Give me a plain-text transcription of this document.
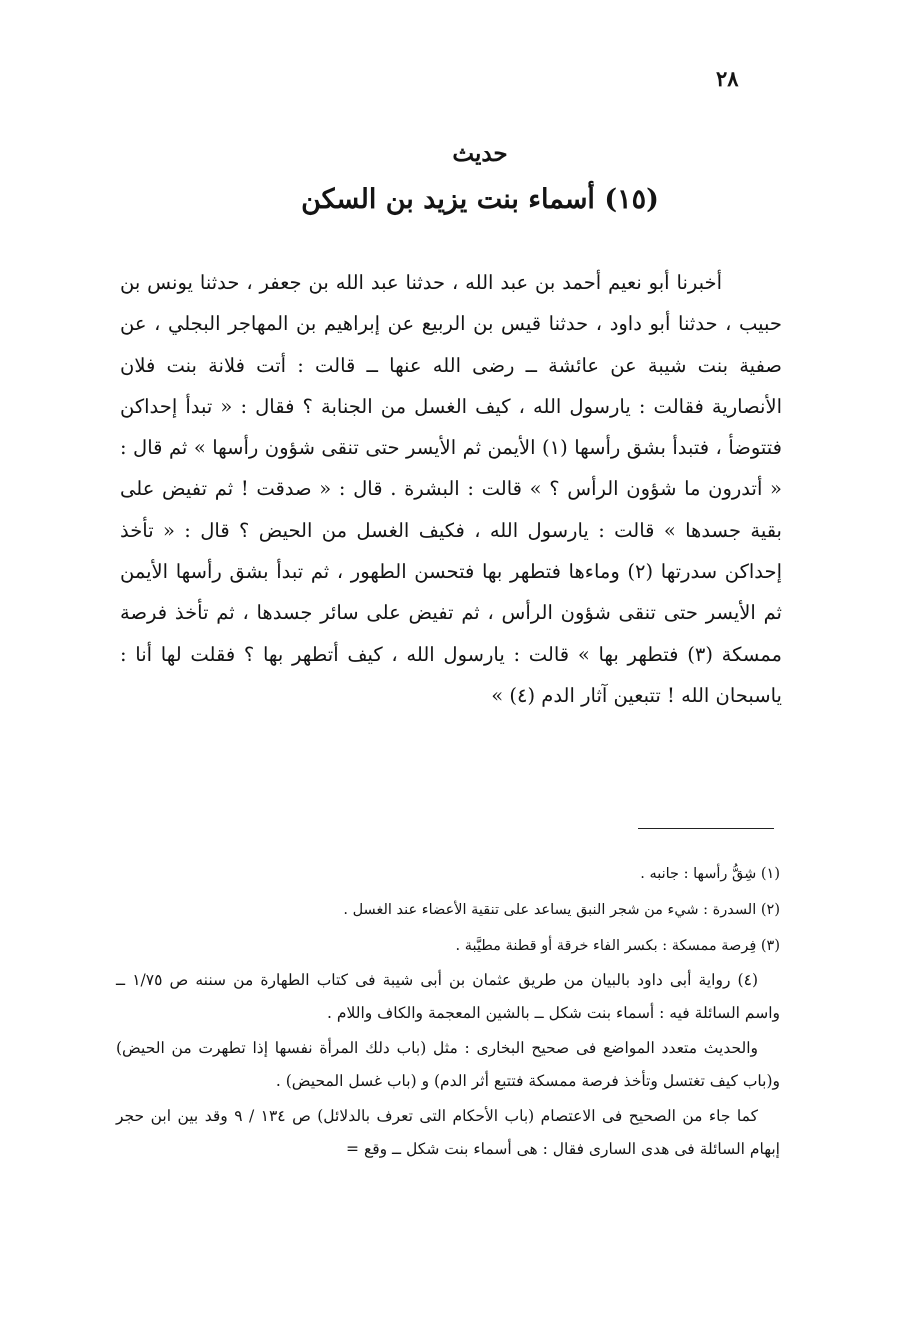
٢٨
حديث
(١٥) أسماء بنت يزيد بن السكن

أخبرنا أبو نعيم أحمد بن عبد الله ، حدثنا عبد الله بن جعفر ، حدثنا يونس بن حبيب ، حدثنا أبو داود ، حدثنا قيس بن الربيع عن إبراهيم بن المهاجر البجلي ، عن صفية بنت شيبة عن عائشة ــ رضى الله عنها ــ قالت : أتت فلانة بنت فلان الأنصارية فقالت : يارسول الله ، كيف الغسل من الجنابة ؟ فقال : « تبدأ إحداكن فتتوضأ ، فتبدأ بشق رأسها (١) الأيمن ثم الأيسر حتى تنقى شؤون رأسها » ثم قال : « أتدرون ما شؤون الرأس ؟ » قالت : البشرة . قال : « صدقت ! ثم تفيض على بقية جسدها » قالت : يارسول الله ، فكيف الغسل من الحيض ؟ قال : « تأخذ إحداكن سدرتها (٢) وماءها فتطهر بها فتحسن الطهور ، ثم تبدأ بشق رأسها الأيمن ثم الأيسر حتى تنقى شؤون الرأس ، ثم تفيض على سائر جسدها ، ثم تأخذ فرصة ممسكة (٣) فتطهر بها » قالت : يارسول الله ، كيف أتطهر بها ؟ فقلت لها أنا : ياسبحان الله ! تتبعين آثار الدم (٤) »

(١) شِقُّ رأسها : جانبه .

(٢) السدرة : شيء من شجر النبق يساعد على تنقية الأعضاء عند الغسل .

(٣) فِرصة ممسكة : بكسر الفاء خرقة أو قطنة مطيَّبة .

(٤) رواية أبى داود بالبيان من طريق عثمان بن أبى شيبة فى كتاب الطهارة من سننه ص ١/٧٥ ــ واسم السائلة فيه : أسماء بنت شكل ــ بالشين المعجمة والكاف واللام .

والحديث متعدد المواضع فى صحيح البخارى : مثل (باب دلك المرأة نفسها إذا تطهرت من الحيض) و(باب كيف تغتسل وتأخذ فرصة ممسكة فتتبع أثر الدم) و (باب غسل المحيض) .

كما جاء من الصحيح فى الاعتصام (باب الأحكام التى تعرف بالدلائل) ص ١٣٤ / ٩ وقد بين ابن حجر إبهام السائلة فى هدى السارى فقال : هى أسماء بنت شكل ــ وقع =
